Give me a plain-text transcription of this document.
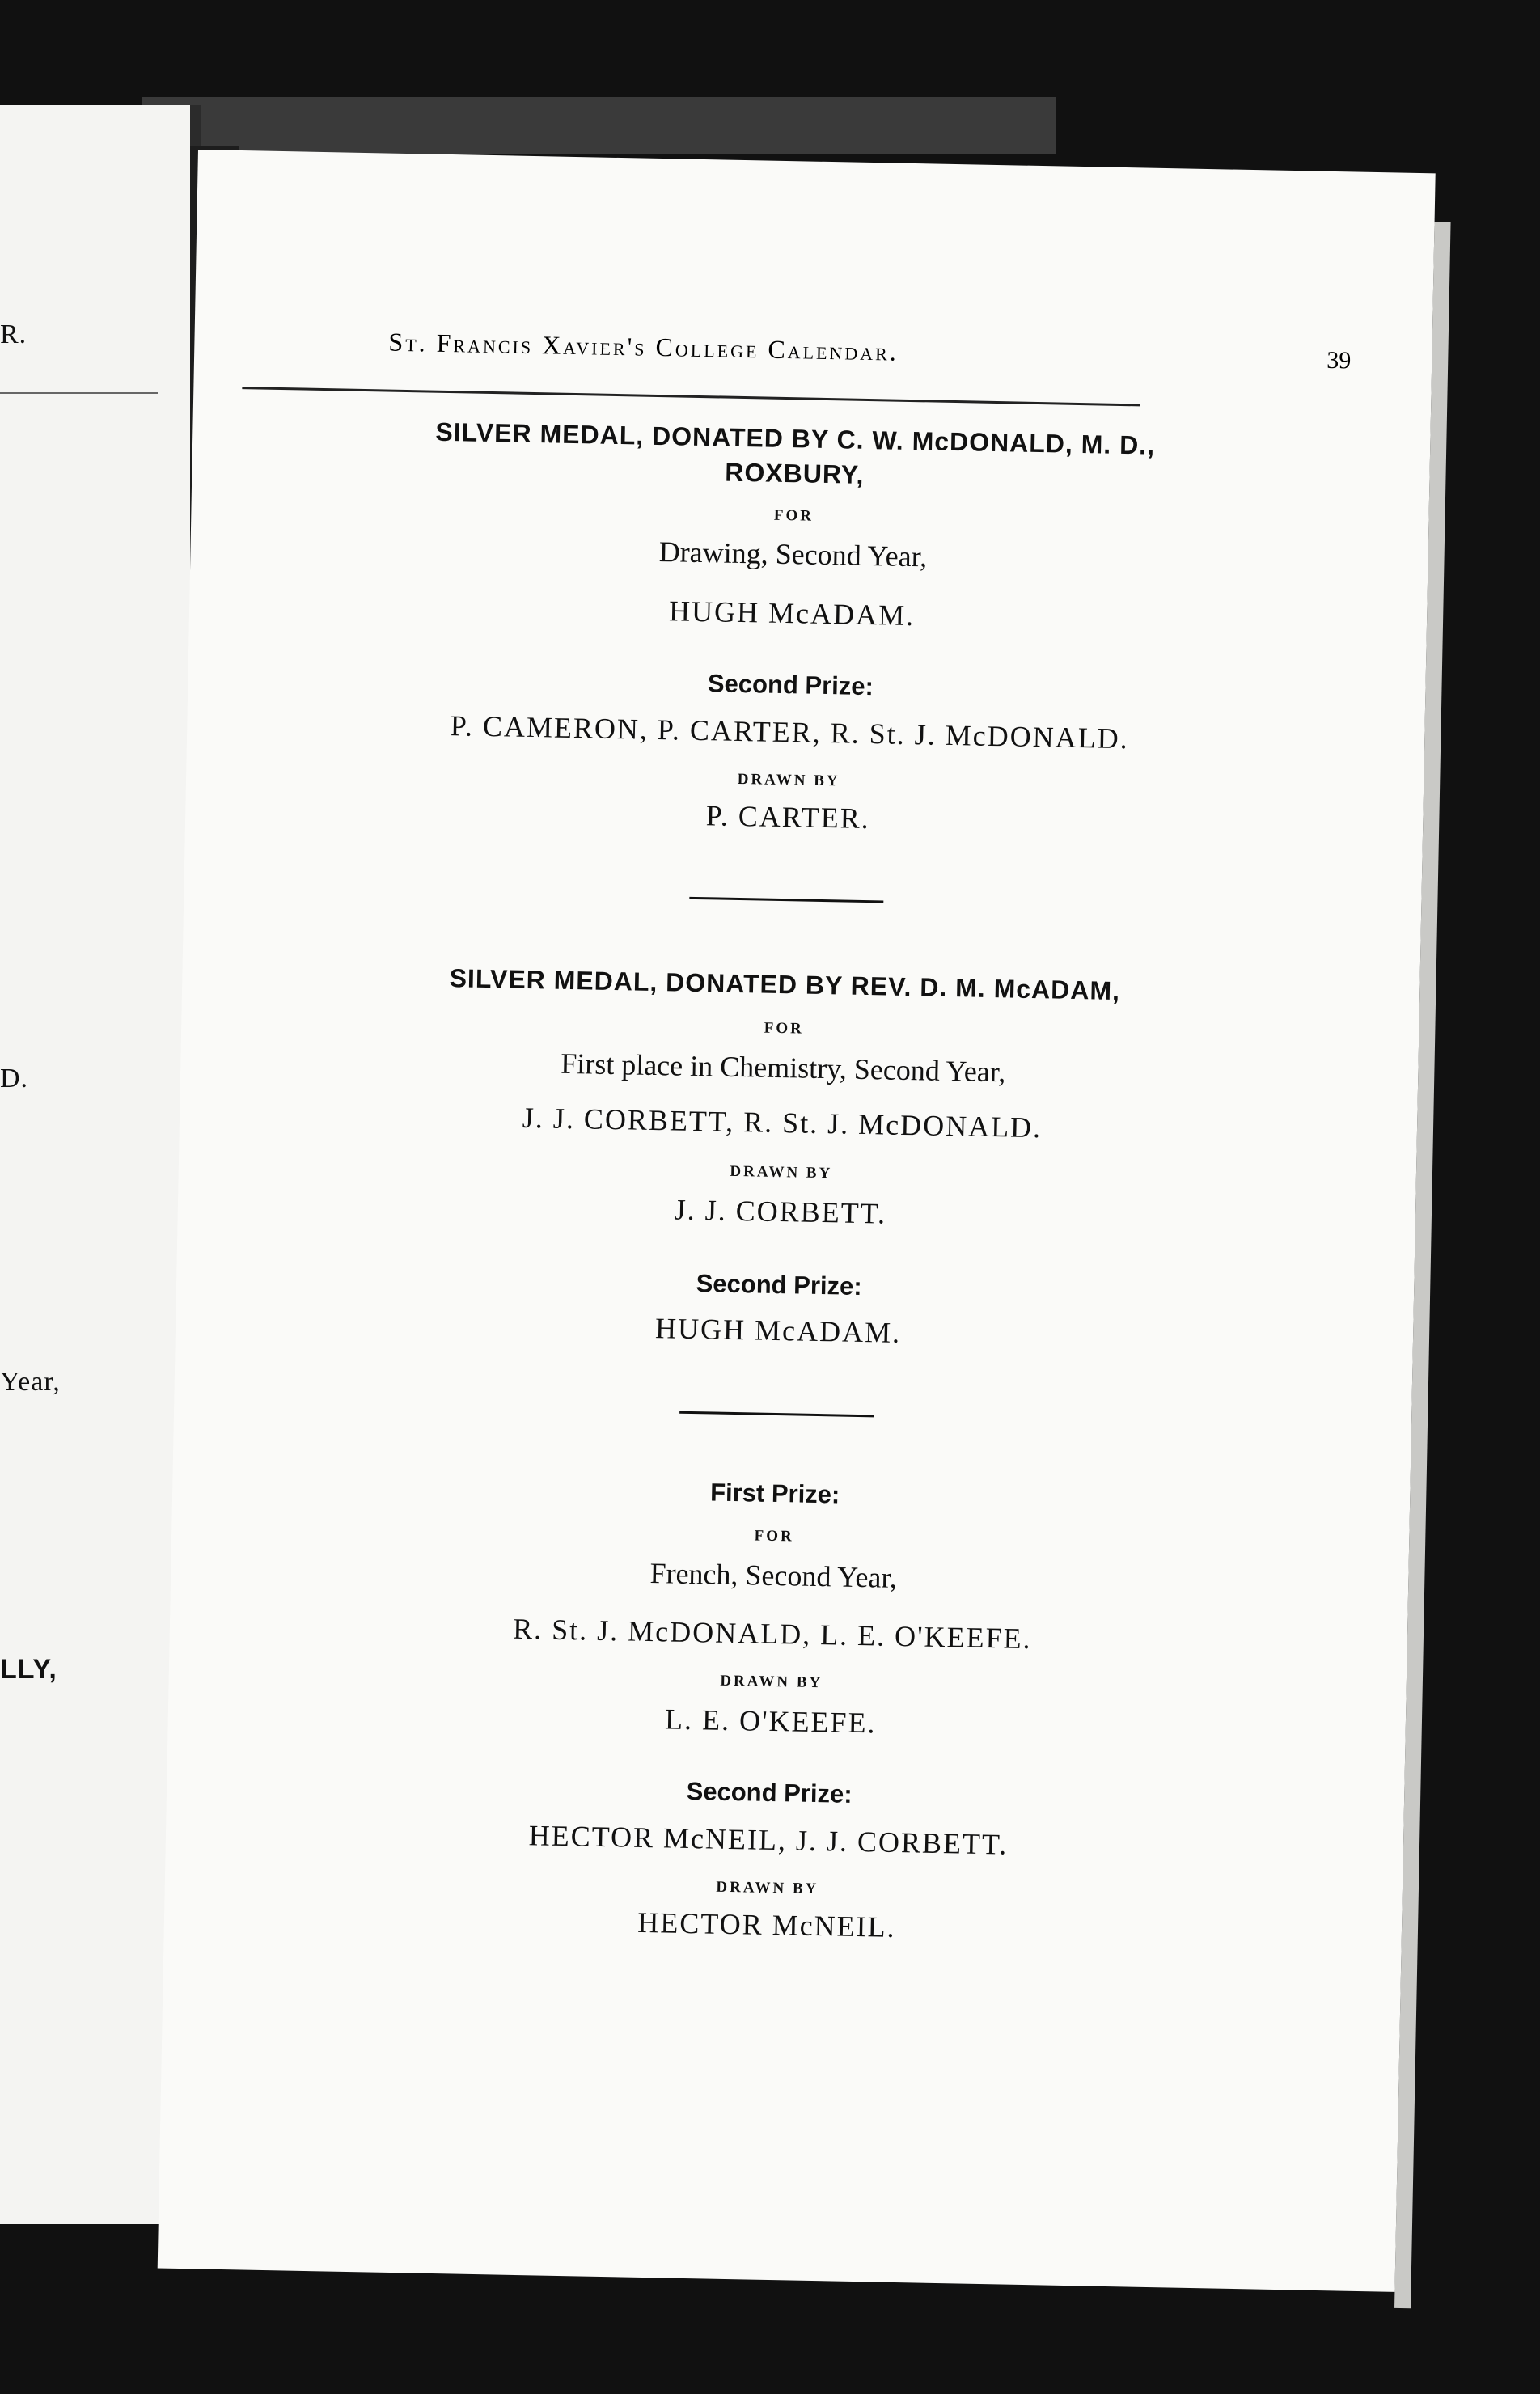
R.
D.
Year,
LLY,
St. Francis Xavier's College Calendar.	39
SILVER MEDAL, DONATED BY C. W. McDONALD, M. D.,
ROXBURY,
FOR
Drawing, Second Year,
HUGH McADAM.
Second Prize:
P. CAMERON, P. CARTER, R. St. J. McDONALD.
DRAWN BY
P. CARTER.
SILVER MEDAL, DONATED BY REV. D. M. McADAM,
FOR
First place in Chemistry, Second Year,
J. J. CORBETT, R. St. J. McDONALD.
DRAWN BY
J. J. CORBETT.
Second Prize:
HUGH McADAM.
First Prize:
FOR
French, Second Year,
R. St. J. McDONALD, L. E. O'KEEFE.
DRAWN BY
L. E. O'KEEFE.
Second Prize:
HECTOR McNEIL, J. J. CORBETT.
DRAWN BY
HECTOR McNEIL.
